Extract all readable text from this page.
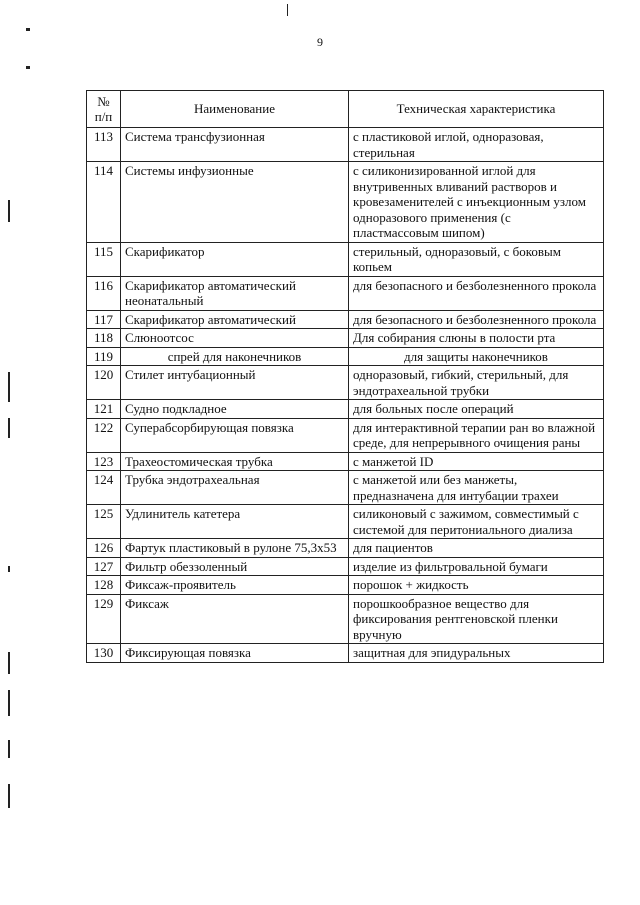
9
№
п/п	Наименование	Техническая характеристика
113	Система трансфузионная	с пластиковой иглой, одноразовая, стерильная
114	Системы инфузионные	с силиконизированной иглой для внутривенных вливаний растворов и кровезаменителей с инъекционным узлом одноразового применения (с пластмассовым шипом)
115	Скарификатор	стерильный, одноразовый, с боковым копьем
116	Скарификатор автоматический неонатальный	для безопасного и безболезненного прокола
117	Скарификатор автоматический	для безопасного и безболезненного прокола
118	Слюноотсос	Для собирания слюны в полости рта
119	спрей для наконечников	для защиты наконечников
120	Стилет интубационный	одноразовый, гибкий, стерильный, для эндотрахеальной трубки
121	Судно подкладное	для больных после операций
122	Суперабсорбирующая повязка	для интерактивной терапии ран во влажной среде, для непрерывного очищения раны
123	Трахеостомическая трубка	с манжетой ID
124	Трубка эндотрахеальная	с манжетой или без манжеты, предназначена для интубации трахеи
125	Удлинитель катетера	силиконовый с зажимом, совместимый с системой для перитониального диализа
126	Фартук пластиковый в рулоне 75,3х53	для пациентов
127	Фильтр обеззоленный	изделие из фильтровальной бумаги
128	Фиксаж-проявитель	порошок + жидкость
129	Фиксаж	порошкообразное вещество для фиксирования рентгеновской пленки вручную
130	Фиксирующая повязка	защитная для эпидуральных
